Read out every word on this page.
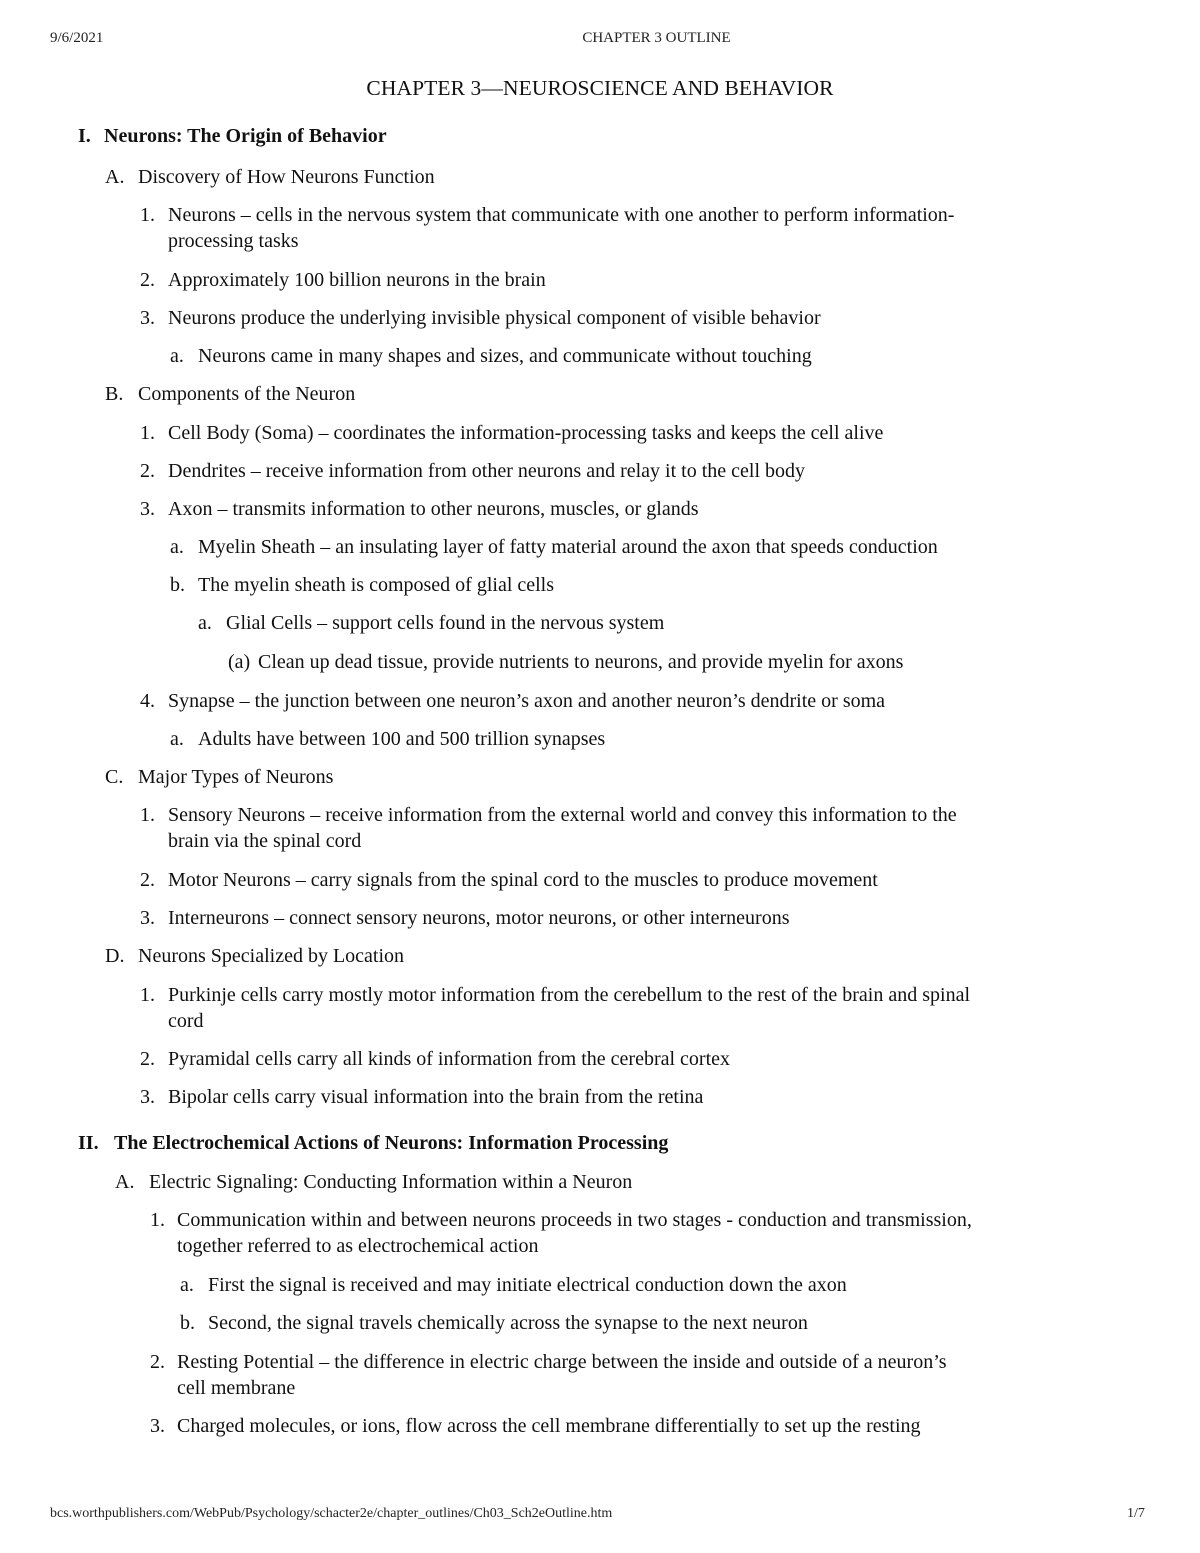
9/6/2021	CHAPTER 3 OUTLINE
CHAPTER 3—NEUROSCIENCE AND BEHAVIOR
I. Neurons: The Origin of Behavior
A. Discovery of How Neurons Function
1. Neurons – cells in the nervous system that communicate with one another to perform information-
processing tasks
2. Approximately 100 billion neurons in the brain
3. Neurons produce the underlying invisible physical component of visible behavior
a. Neurons came in many shapes and sizes, and communicate without touching
B. Components of the Neuron
1. Cell Body (Soma) – coordinates the information-processing tasks and keeps the cell alive
2. Dendrites – receive information from other neurons and relay it to the cell body
3. Axon – transmits information to other neurons, muscles, or glands
a. Myelin Sheath – an insulating layer of fatty material around the axon that speeds conduction
b. The myelin sheath is composed of glial cells
a. Glial Cells – support cells found in the nervous system
(a) Clean up dead tissue, provide nutrients to neurons, and provide myelin for axons
4. Synapse – the junction between one neuron’s axon and another neuron’s dendrite or soma
a. Adults have between 100 and 500 trillion synapses
C. Major Types of Neurons
1. Sensory Neurons – receive information from the external world and convey this information to the
brain via the spinal cord
2. Motor Neurons – carry signals from the spinal cord to the muscles to produce movement
3. Interneurons – connect sensory neurons, motor neurons, or other interneurons
D. Neurons Specialized by Location
1. Purkinje cells carry mostly motor information from the cerebellum to the rest of the brain and spinal
cord
2. Pyramidal cells carry all kinds of information from the cerebral cortex
3. Bipolar cells carry visual information into the brain from the retina
II. The Electrochemical Actions of Neurons: Information Processing
A. Electric Signaling: Conducting Information within a Neuron
1. Communication within and between neurons proceeds in two stages - conduction and transmission,
together referred to as electrochemical action
a. First the signal is received and may initiate electrical conduction down the axon
b. Second, the signal travels chemically across the synapse to the next neuron
2. Resting Potential – the difference in electric charge between the inside and outside of a neuron’s
cell membrane
3. Charged molecules, or ions, flow across the cell membrane differentially to set up the resting
bcs.worthpublishers.com/WebPub/Psychology/schacter2e/chapter_outlines/Ch03_Sch2eOutline.htm	1/7
